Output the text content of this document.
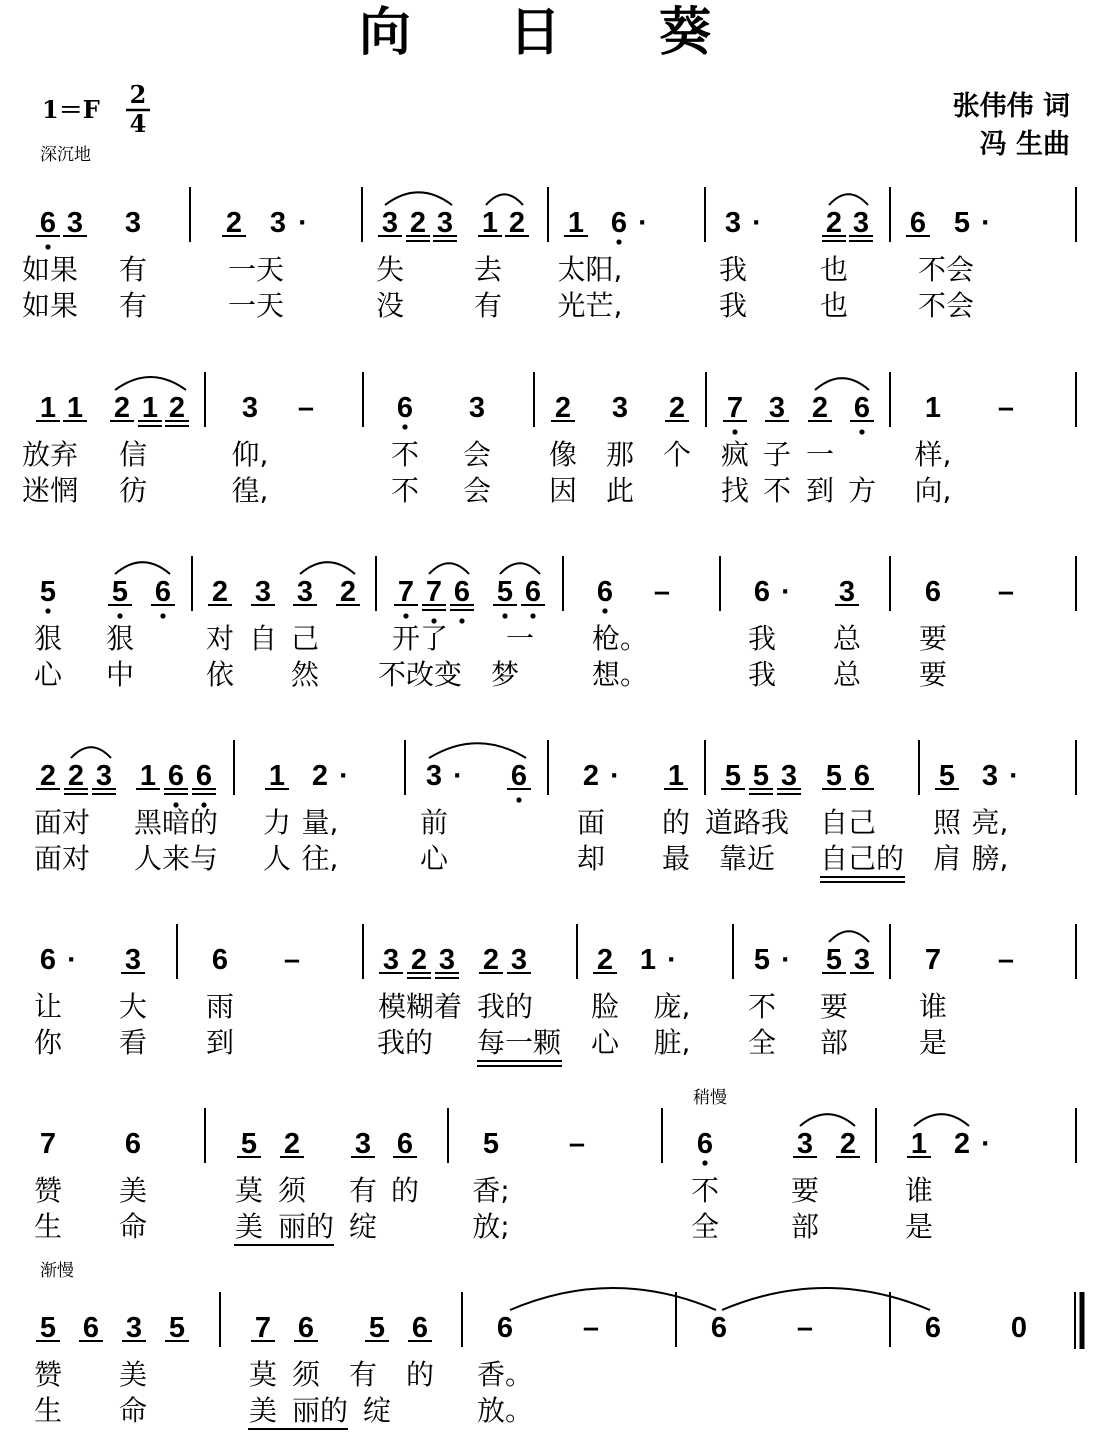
向 日 葵
1＝F
2
4
深沉地
张伟伟 词
冯 生曲
稍慢
渐慢
6 3 3	2 3 ·	3 2 3 1 2 1 6 ·	3 · 2 3 6 5 ·
如果 有	一天	失 去 太阳,	我	也 不会
如果 有	一天	没 有 光芒,	我	也 不会
1 1 2 1 2 3 –	6 3 2 3 2 7 3 2 6 1 –
放弃 信	仰,	不 会 像 那 个 疯 子 一	样,
迷惘 彷	徨,	不 会 因 此	找 不 到 方 向,
5 5 6 2 3 3 2 7 7 6 5 6 6 –	6 · 3 6 –
狠 狠	对 自 己	开了 一 枪。	我 总 要
心 中	依 然 不改变 梦	想。	我 总 要
2 2 3 1 6 6 1 2 ·	3 · 6 2 · 1 5 5 3 5 6 5 3 ·
面对 黑暗的 力 量,	前	面 的 道路我 自己 照 亮,
面对 人来与 人 往,	心	却 最 靠近 自己的 肩 膀,
6 · 3 6 –	3 2 3 2 3 2 1 ·	5 · 5 3 7 –
让 大 雨	模糊着 我的 脸 庞, 不 要	谁
你 看 到	我的 每一颗 心 脏, 全 部	是
7 6	5 2 3 6 5 –	6	3 2 1 2 ·
赞 美	莫 须 有 的 香;	不	要	谁
生 命	美 丽的 绽	放;	全	部	是
5 6 3 5 7 6 5 6 6 –	6 –	6 0
赞 美	莫 须 有 的 香。
生 命	美 丽的 绽	放。
